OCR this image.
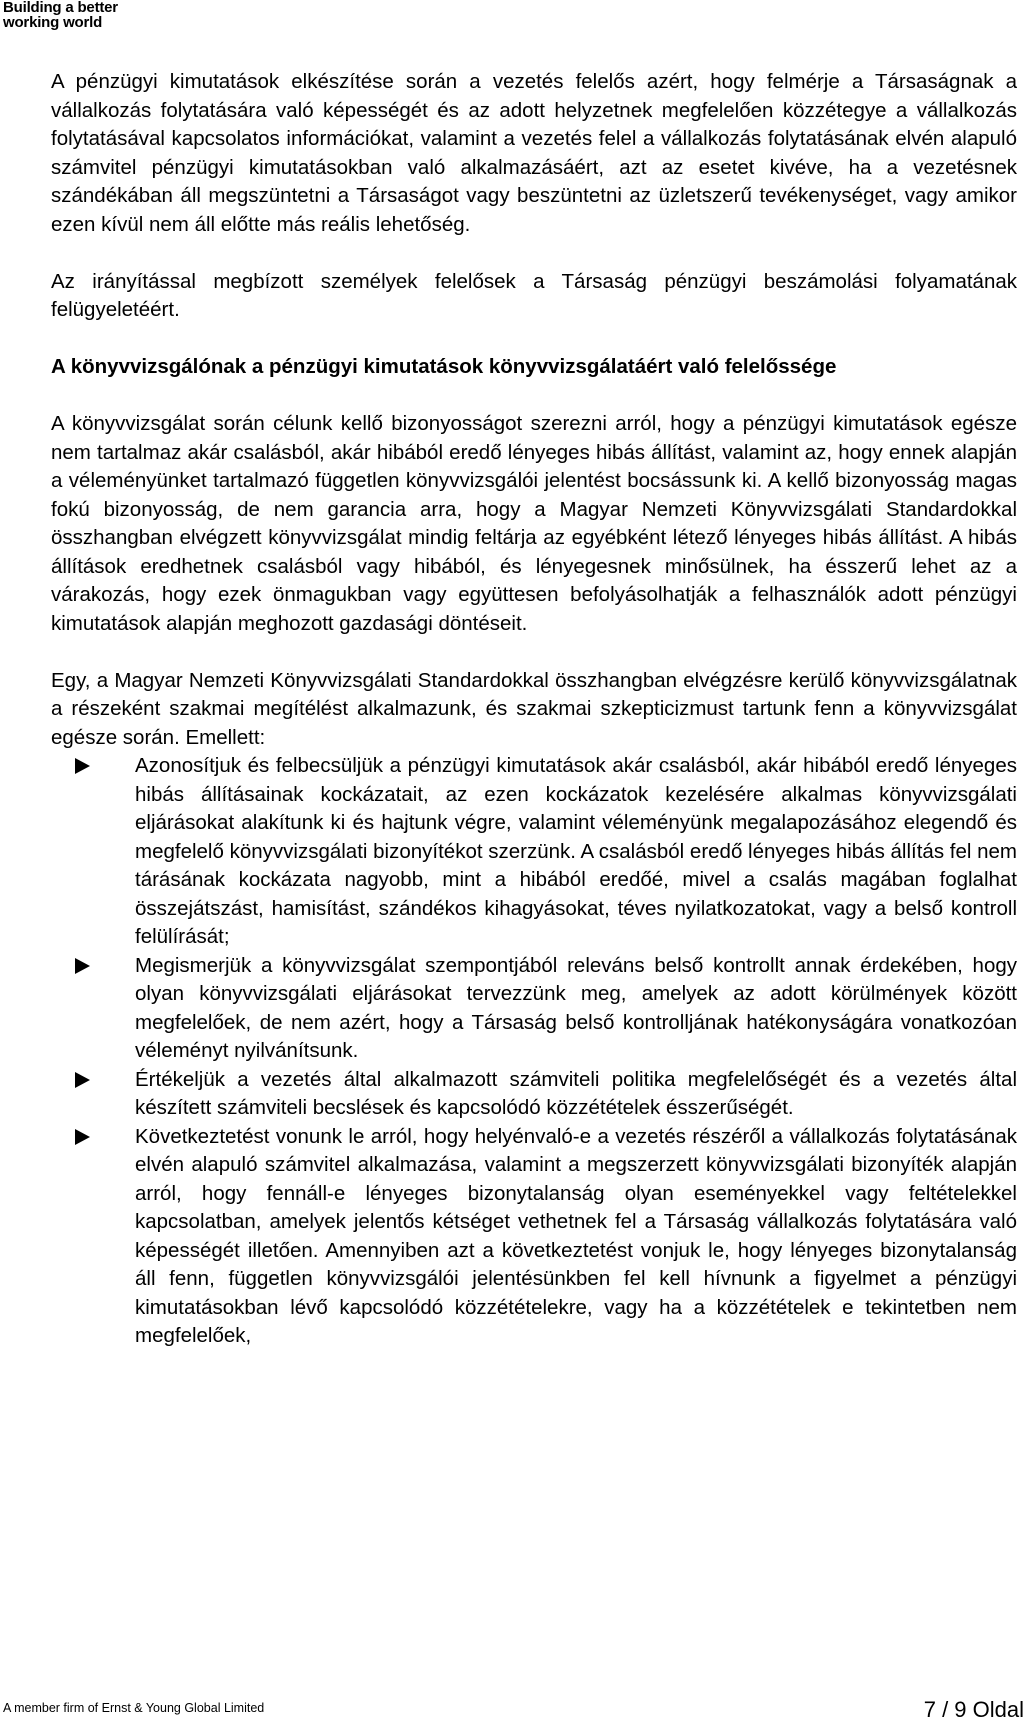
Building a better
working world

A pénzügyi kimutatások elkészítése során a vezetés felelős azért, hogy felmérje a Társaságnak a vállalkozás folytatására való képességét és az adott helyzetnek megfelelően közzétegye a vállalkozás folytatásával kapcsolatos információkat, valamint a vezetés felel a vállalkozás folytatásának elvén alapuló számvitel pénzügyi kimutatásokban való alkalmazásáért, azt az esetet kivéve, ha a vezetésnek szándékában áll megszüntetni a Társaságot vagy beszüntetni az üzletszerű tevékenységet, vagy amikor ezen kívül nem áll előtte más reális lehetőség.

Az irányítással megbízott személyek felelősek a Társaság pénzügyi beszámolási folyamatának felügyeletéért.

A könyvvizsgálónak a pénzügyi kimutatások könyvvizsgálatáért való felelőssége

A könyvvizsgálat során célunk kellő bizonyosságot szerezni arról, hogy a pénzügyi kimutatások egésze nem tartalmaz akár csalásból, akár hibából eredő lényeges hibás állítást, valamint az, hogy ennek alapján a véleményünket tartalmazó független könyvvizsgálói jelentést bocsássunk ki. A kellő bizonyosság magas fokú bizonyosság, de nem garancia arra, hogy a Magyar Nemzeti Könyvvizsgálati Standardokkal összhangban elvégzett könyvvizsgálat mindig feltárja az egyébként létező lényeges hibás állítást. A hibás állítások eredhetnek csalásból vagy hibából, és lényegesnek minősülnek, ha ésszerű lehet az a várakozás, hogy ezek önmagukban vagy együttesen befolyásolhatják a felhasználók adott pénzügyi kimutatások alapján meghozott gazdasági döntéseit.

Egy, a Magyar Nemzeti Könyvvizsgálati Standardokkal összhangban elvégzésre kerülő könyvvizsgálatnak a részeként szakmai megítélést alkalmazunk, és szakmai szkepticizmust tartunk fenn a könyvvizsgálat egésze során. Emellett:

Azonosítjuk és felbecsüljük a pénzügyi kimutatások akár csalásból, akár hibából eredő lényeges hibás állításainak kockázatait, az ezen kockázatok kezelésére alkalmas könyvvizsgálati eljárásokat alakítunk ki és hajtunk végre, valamint véleményünk megalapozásához elegendő és megfelelő könyvvizsgálati bizonyítékot szerzünk. A csalásból eredő lényeges hibás állítás fel nem tárásának kockázata nagyobb, mint a hibából eredőé, mivel a csalás magában foglalhat összejátszást, hamisítást, szándékos kihagyásokat, téves nyilatkozatokat, vagy a belső kontroll felülírását;
Megismerjük a könyvvizsgálat szempontjából releváns belső kontrollt annak érdekében, hogy olyan könyvvizsgálati eljárásokat tervezzünk meg, amelyek az adott körülmények között megfelelőek, de nem azért, hogy a Társaság belső kontrolljának hatékonyságára vonatkozóan véleményt nyilvánítsunk.
Értékeljük a vezetés által alkalmazott számviteli politika megfelelőségét és a vezetés által készített számviteli becslések és kapcsolódó közzétételek ésszerűségét.
Következtetést vonunk le arról, hogy helyénvaló-e a vezetés részéről a vállalkozás folytatásának elvén alapuló számvitel alkalmazása, valamint a megszerzett könyvvizsgálati bizonyíték alapján arról, hogy fennáll-e lényeges bizonytalanság olyan eseményekkel vagy feltételekkel kapcsolatban, amelyek jelentős kétséget vethetnek fel a Társaság vállalkozás folytatására való képességét illetően. Amennyiben azt a következtetést vonjuk le, hogy lényeges bizonytalanság áll fenn, független könyvvizsgálói jelentésünkben fel kell hívnunk a figyelmet a pénzügyi kimutatásokban lévő kapcsolódó közzétételekre, vagy ha a közzétételek e tekintetben nem megfelelőek,
A member firm of Ernst & Young Global Limited	7 / 9 Oldal
